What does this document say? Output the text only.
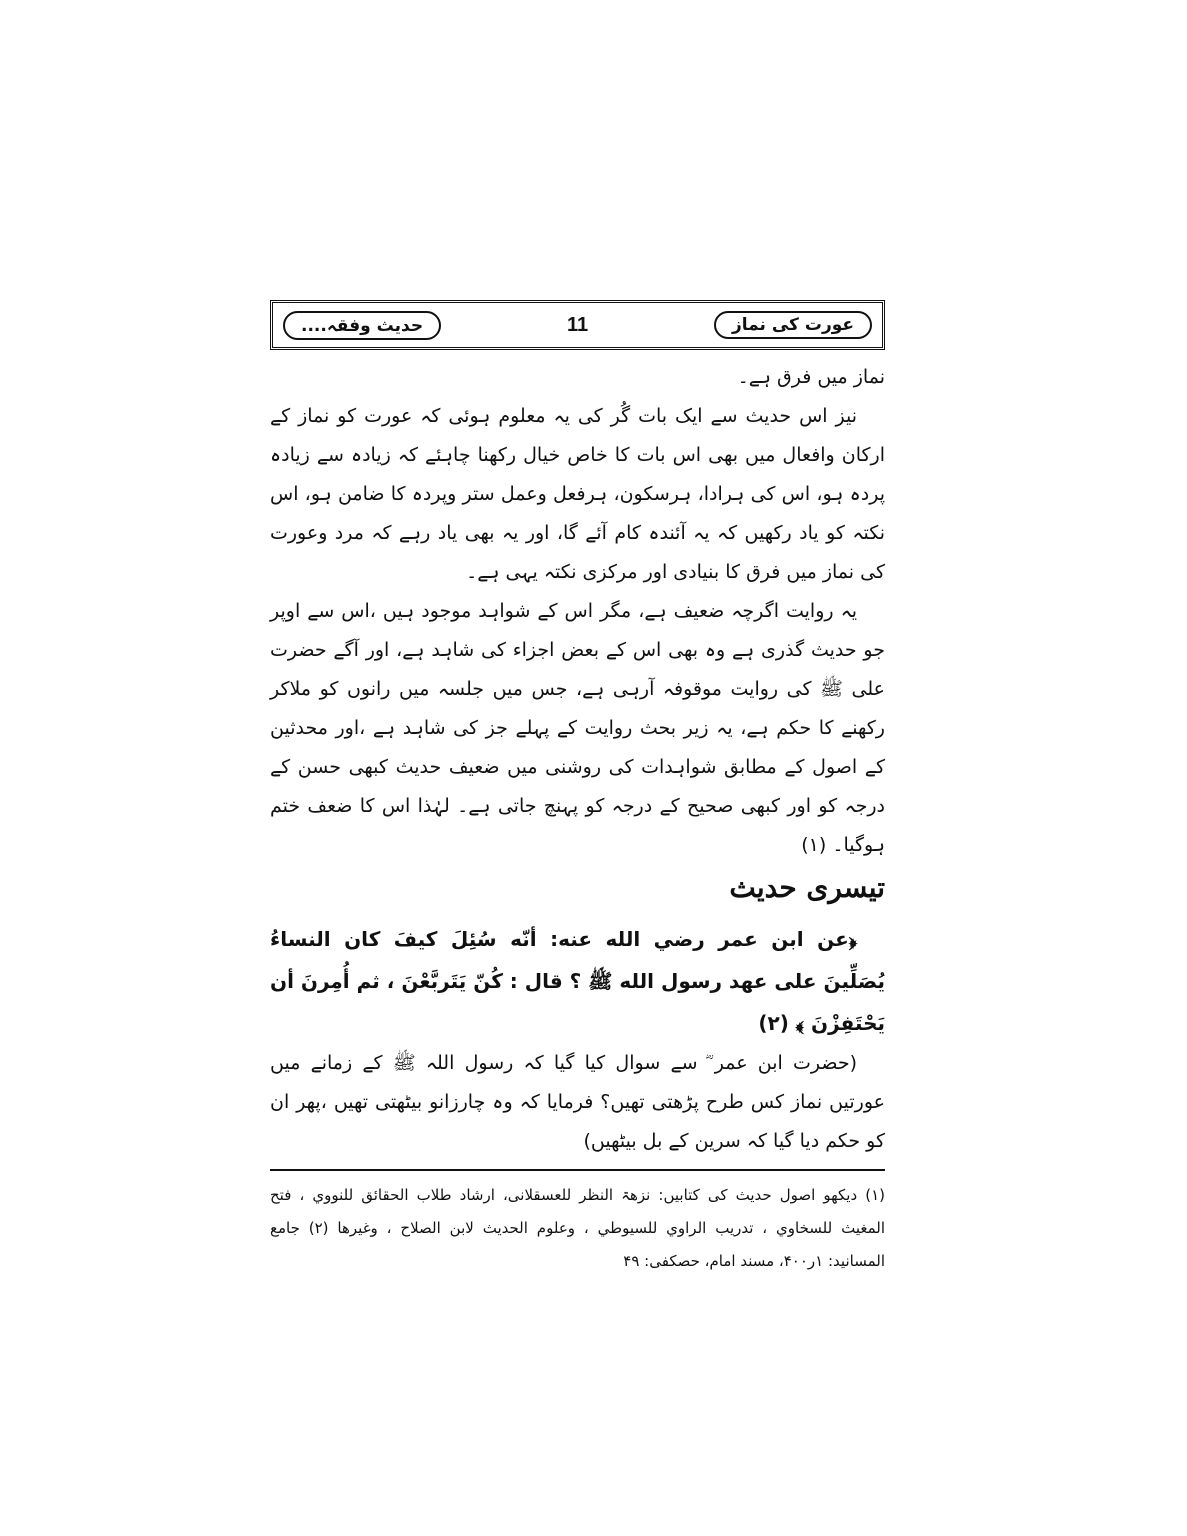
حدیث وفقہ....	11	عورت کی نماز

نماز میں فرق ہے۔

نیز اس حدیث سے ایک بات گُر کی یہ معلوم ہوئی کہ عورت کو نماز کے ارکان وافعال میں بھی اس بات کا خاص خیال رکھنا چاہئے کہ زیادہ سے زیادہ پردہ ہو، اس کی ہرادا، ہرسکون، ہرفعل وعمل ستر وپردہ کا ضامن ہو، اس نکتہ کو یاد رکھیں کہ یہ آئندہ کام آئے گا، اور یہ بھی یاد رہے کہ مرد وعورت کی نماز میں فرق کا بنیادی اور مرکزی نکتہ یہی ہے۔

یہ روایت اگرچہ ضعیف ہے، مگر اس کے شواہد موجود ہیں ،اس سے اوپر جو حدیث گذری ہے وہ بھی اس کے بعض اجزاء کی شاہد ہے، اور آگے حضرت علی ﷺ کی روایت موقوفہ آرہی ہے، جس میں جلسہ میں رانوں کو ملاکر رکھنے کا حکم ہے، یہ زیر بحث روایت کے پہلے جز کی شاہد ہے ،اور محدثین کے اصول کے مطابق شواہدات کی روشنی میں ضعیف حدیث کبھی حسن کے درجہ کو اور کبھی صحیح کے درجہ کو پہنچ جاتی ہے۔ لہٰذا اس کا ضعف ختم ہوگیا۔ (۱)

تیسری حدیث

﴿عن ابن عمر رضي الله عنه: أنّه سُئِلَ كيفَ كان النساءُ يُصَلِّينَ على عهد رسول الله ﷺ ؟ قال : كُنّ يَتَربَّعْنَ ، ثم أُمِرنَ أن يَحْتَفِزْنَ ﴾ (۲)

(حضرت ابن عمر ؓ سے سوال کیا گیا کہ رسول اللہ ﷺ کے زمانے میں عورتیں نماز کس طرح پڑھتی تھیں؟ فرمایا کہ وہ چارزانو بیٹھتی تھیں ،پھر ان کو حکم دیا گیا کہ سرین کے بل بیٹھیں)

(۱) دیکھو اصول حدیث کی کتابیں: نزھۃ النظر للعسقلانی، ارشاد طلاب الحقائق للنووي ، فتح المغیث للسخاوي ، تدریب الراوي للسیوطي ، وعلوم الحدیث لابن الصلاح ، وغیرھا (۲) جامع المسانید: ۱ر۴۰۰، مسند امام، حصکفی: ۴۹
